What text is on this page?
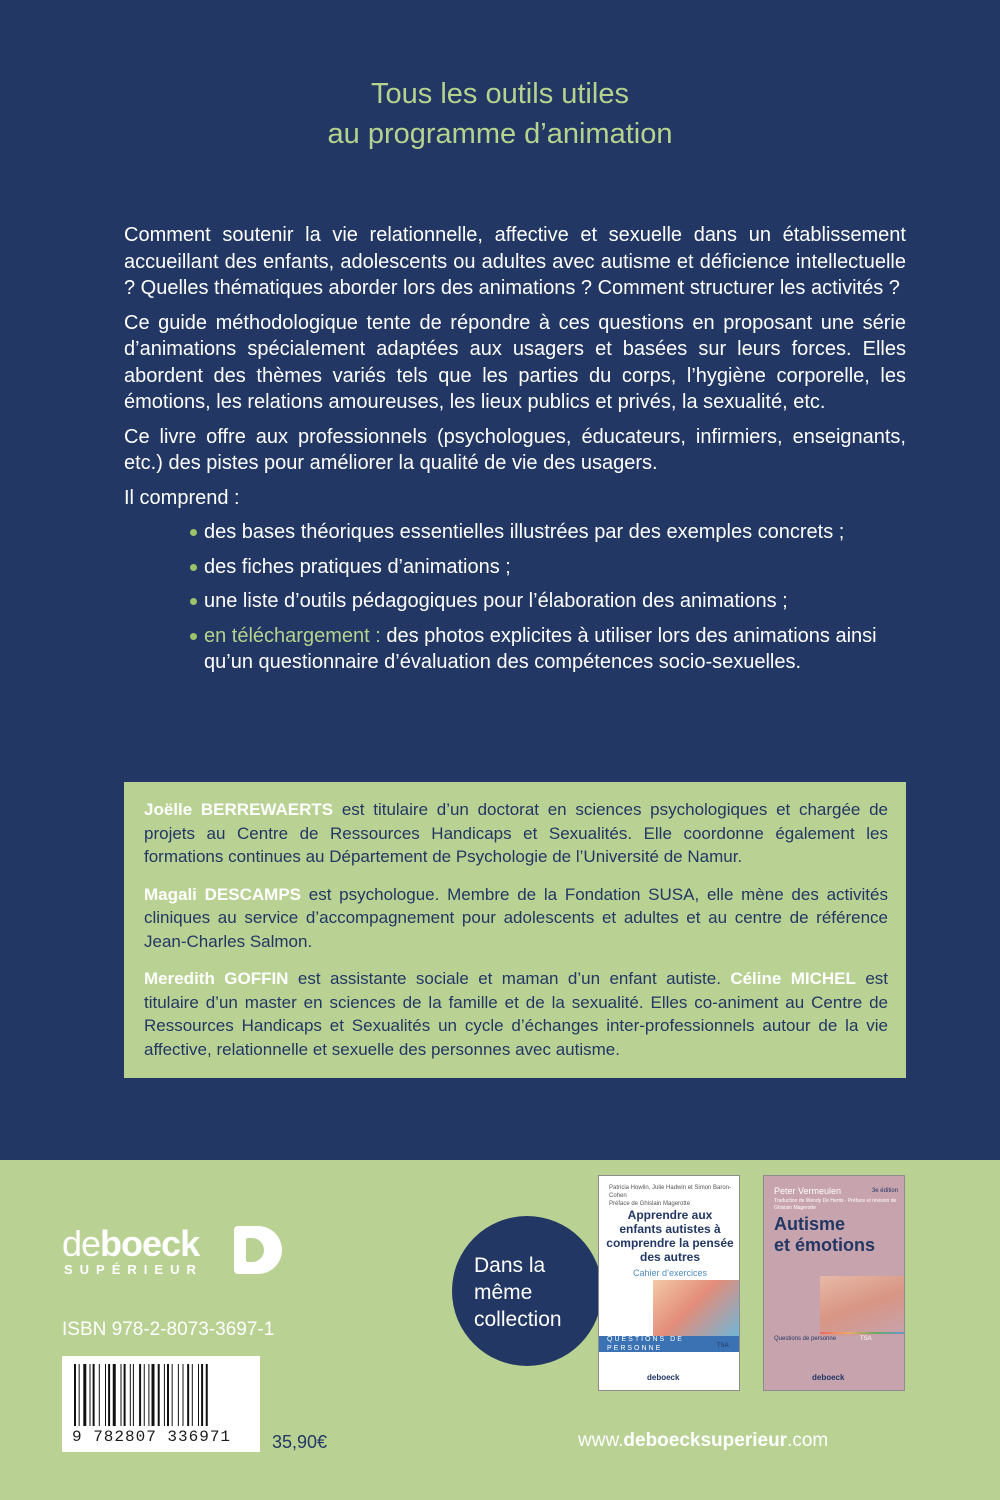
Tous les outils utiles
au programme d’animation

Comment soutenir la vie relationnelle, affective et sexuelle dans un établissement accueillant des enfants, adolescents ou adultes avec autisme et déficience intellectuelle ? Quelles thématiques aborder lors des animations ? Comment structurer les activités ?

Ce guide méthodologique tente de répondre à ces questions en proposant une série d’animations spécialement adaptées aux usagers et basées sur leurs forces. Elles abordent des thèmes variés tels que les parties du corps, l’hygiène corporelle, les émotions, les relations amoureuses, les lieux publics et privés, la sexualité, etc.

Ce livre offre aux professionnels (psychologues, éducateurs, infirmiers, enseignants, etc.) des pistes pour améliorer la qualité de vie des usagers.

Il comprend :

des bases théoriques essentielles illustrées par des exemples concrets ;
des fiches pratiques d’animations ;
une liste d’outils pédagogiques pour l’élaboration des animations ;
en téléchargement : des photos explicites à utiliser lors des animations ainsi qu’un questionnaire d’évaluation des compétences socio-sexuelles.

Joëlle BERREWAERTS est titulaire d’un doctorat en sciences psychologiques et chargée de projets au Centre de Ressources Handicaps et Sexualités. Elle coordonne également les formations continues au Département de Psychologie de l’Université de Namur.

Magali DESCAMPS est psychologue. Membre de la Fondation SUSA, elle mène des activités cliniques au service d’accompagnement pour adolescents et adultes et au centre de référence Jean-Charles Salmon.

Meredith GOFFIN est assistante sociale et maman d’un enfant autiste. Céline MICHEL est titulaire d’un master en sciences de la famille et de la sexualité. Elles co-animent au Centre de Ressources Handicaps et Sexualités un cycle d’échanges inter-professionnels autour de la vie affective, relationnelle et sexuelle des personnes avec autisme.

deboeck
SUPÉRIEUR
ISBN 978-2-8073-3697-1
9 782807 336971 35,90€
Dans la
même
collection
Patricia Howlin, Julie Hadwin et Simon Baron-Cohen
Préface de Ghislain Magerotte
Apprendre aux enfants autistes à comprendre la pensée des autres
Cahier d’exercices
QUESTIONS DE PERSONNE	TSA
deboeck
Peter Vermeulen	3e édition
Traduction de Wendy De Hertis · Préface et révision de Ghislain Magerotte
Autisme
et émotions
Questions de personne	TSA
deboeck
www.deboecksuperieur.com
